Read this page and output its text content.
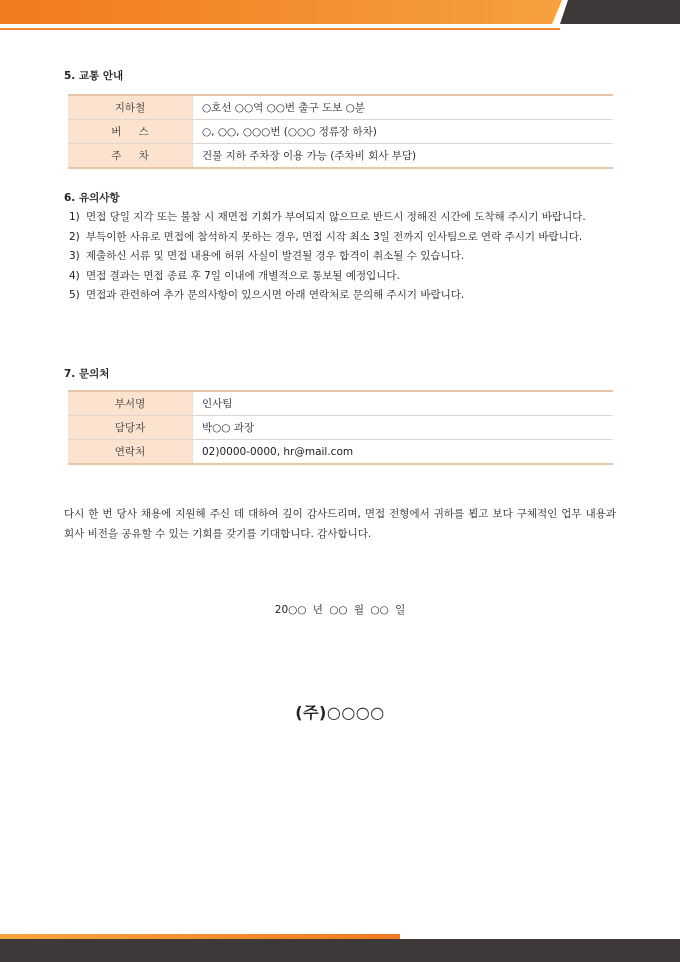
5. 교통 안내
지하철	○호선 ○○역 ○○번 출구 도보 ○분
버 스	○, ○○, ○○○번 (○○○ 정류장 하차)
주 차	건물 지하 주차장 이용 가능 (주차비 회사 부담)
6. 유의사항
1) 면접 당일 지각 또는 불참 시 재면접 기회가 부여되지 않으므로 반드시 정해진 시간에 도착해 주시기 바랍니다.
2) 부득이한 사유로 면접에 참석하지 못하는 경우, 면접 시작 최소 3일 전까지 인사팀으로 연락 주시기 바랍니다.
3) 제출하신 서류 및 면접 내용에 허위 사실이 발견될 경우 합격이 취소될 수 있습니다.
4) 면접 결과는 면접 종료 후 7일 이내에 개별적으로 통보될 예정입니다.
5) 면접과 관련하여 추가 문의사항이 있으시면 아래 연락처로 문의해 주시기 바랍니다.
7. 문의처
부서명	인사팀
담당자	박○○ 과장
연락처	02)0000-0000, hr@mail.com
다시 한 번 당사 채용에 지원해 주신 데 대하여 깊이 감사드리며, 면접 전형에서 귀하를 뵙고 보다 구체적인 업무 내용과 회사 비전을 공유할 수 있는 기회를 갖기를 기대합니다. 감사합니다.
20○○ 년 ○○ 월 ○○ 일
(주)○○○○
